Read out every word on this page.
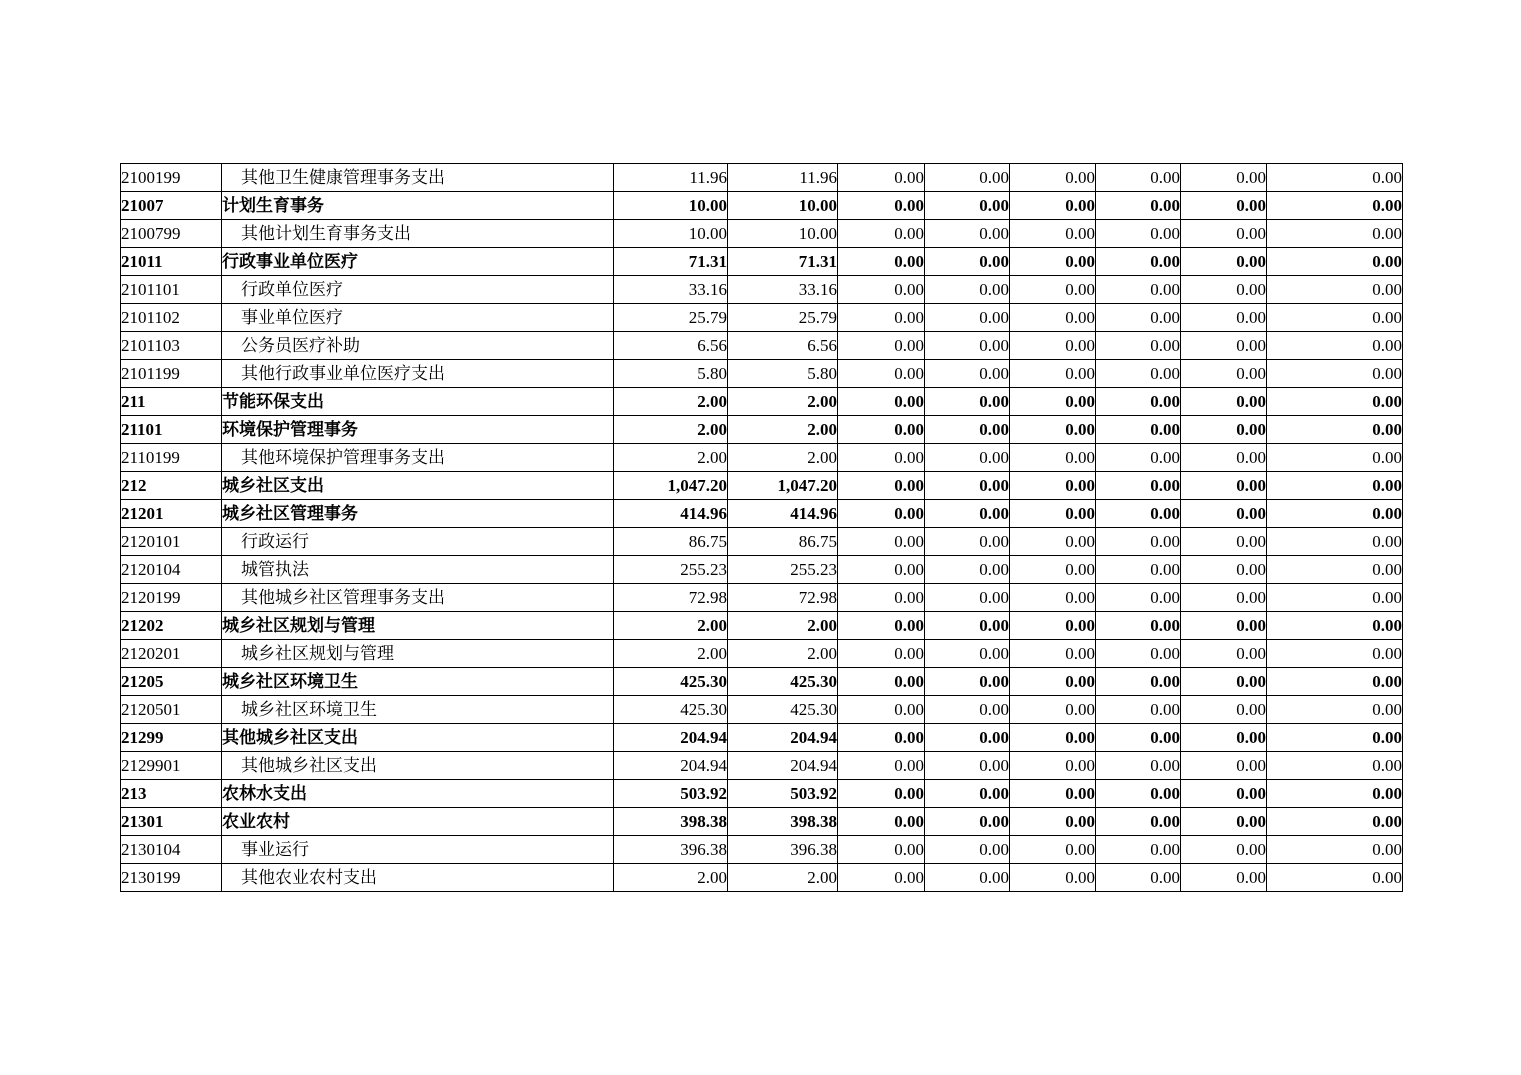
2100199	其他卫生健康管理事务支出	11.96	11.96	0.00	0.00	0.00	0.00	0.00	0.00
21007	计划生育事务	10.00	10.00	0.00	0.00	0.00	0.00	0.00	0.00
2100799	其他计划生育事务支出	10.00	10.00	0.00	0.00	0.00	0.00	0.00	0.00
21011	行政事业单位医疗	71.31	71.31	0.00	0.00	0.00	0.00	0.00	0.00
2101101	行政单位医疗	33.16	33.16	0.00	0.00	0.00	0.00	0.00	0.00
2101102	事业单位医疗	25.79	25.79	0.00	0.00	0.00	0.00	0.00	0.00
2101103	公务员医疗补助	6.56	6.56	0.00	0.00	0.00	0.00	0.00	0.00
2101199	其他行政事业单位医疗支出	5.80	5.80	0.00	0.00	0.00	0.00	0.00	0.00
211	节能环保支出	2.00	2.00	0.00	0.00	0.00	0.00	0.00	0.00
21101	环境保护管理事务	2.00	2.00	0.00	0.00	0.00	0.00	0.00	0.00
2110199	其他环境保护管理事务支出	2.00	2.00	0.00	0.00	0.00	0.00	0.00	0.00
212	城乡社区支出	1,047.20	1,047.20	0.00	0.00	0.00	0.00	0.00	0.00
21201	城乡社区管理事务	414.96	414.96	0.00	0.00	0.00	0.00	0.00	0.00
2120101	行政运行	86.75	86.75	0.00	0.00	0.00	0.00	0.00	0.00
2120104	城管执法	255.23	255.23	0.00	0.00	0.00	0.00	0.00	0.00
2120199	其他城乡社区管理事务支出	72.98	72.98	0.00	0.00	0.00	0.00	0.00	0.00
21202	城乡社区规划与管理	2.00	2.00	0.00	0.00	0.00	0.00	0.00	0.00
2120201	城乡社区规划与管理	2.00	2.00	0.00	0.00	0.00	0.00	0.00	0.00
21205	城乡社区环境卫生	425.30	425.30	0.00	0.00	0.00	0.00	0.00	0.00
2120501	城乡社区环境卫生	425.30	425.30	0.00	0.00	0.00	0.00	0.00	0.00
21299	其他城乡社区支出	204.94	204.94	0.00	0.00	0.00	0.00	0.00	0.00
2129901	其他城乡社区支出	204.94	204.94	0.00	0.00	0.00	0.00	0.00	0.00
213	农林水支出	503.92	503.92	0.00	0.00	0.00	0.00	0.00	0.00
21301	农业农村	398.38	398.38	0.00	0.00	0.00	0.00	0.00	0.00
2130104	事业运行	396.38	396.38	0.00	0.00	0.00	0.00	0.00	0.00
2130199	其他农业农村支出	2.00	2.00	0.00	0.00	0.00	0.00	0.00	0.00
